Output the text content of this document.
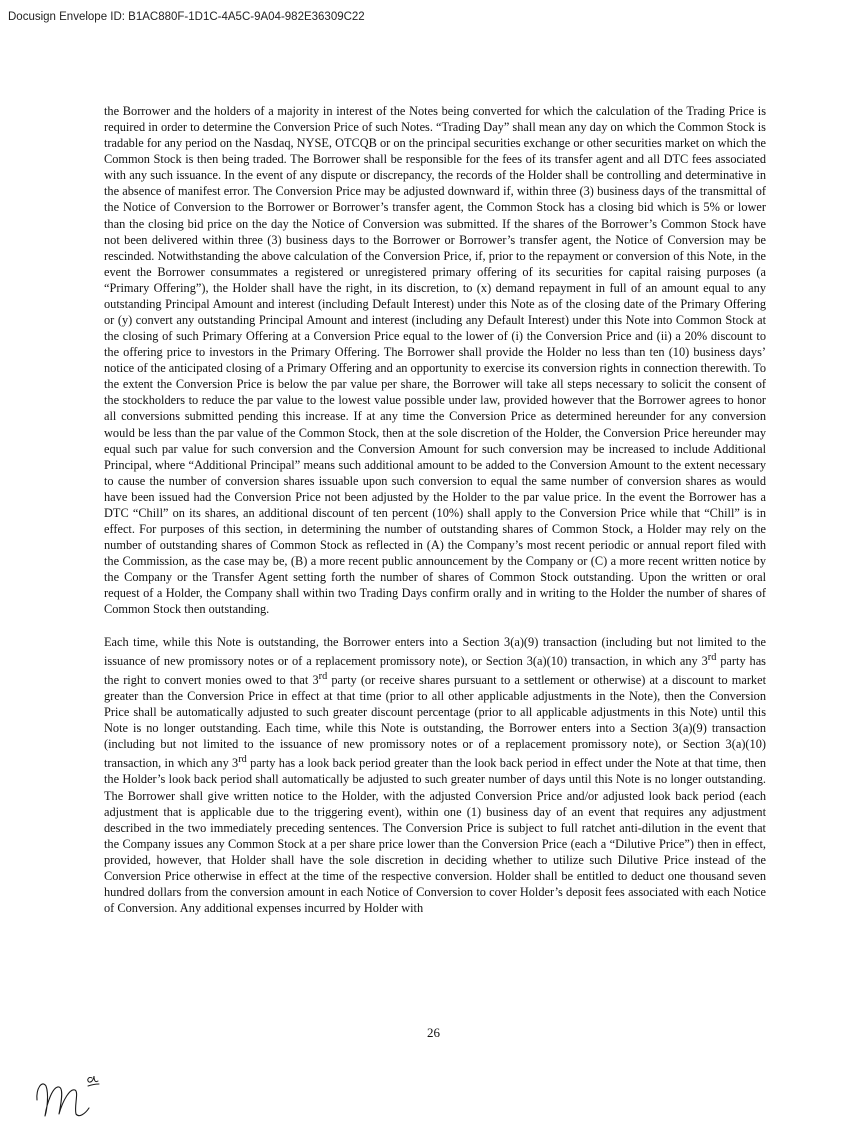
Docusign Envelope ID: B1AC880F-1D1C-4A5C-9A04-982E36309C22

the Borrower and the holders of a majority in interest of the Notes being converted for which the calculation of the Trading Price is required in order to determine the Conversion Price of such Notes. “Trading Day” shall mean any day on which the Common Stock is tradable for any period on the Nasdaq, NYSE, OTCQB or on the principal securities exchange or other securities market on which the Common Stock is then being traded. The Borrower shall be responsible for the fees of its transfer agent and all DTC fees associated with any such issuance. In the event of any dispute or discrepancy, the records of the Holder shall be controlling and determinative in the absence of manifest error. The Conversion Price may be adjusted downward if, within three (3) business days of the transmittal of the Notice of Conversion to the Borrower or Borrower’s transfer agent, the Common Stock has a closing bid which is 5% or lower than the closing bid price on the day the Notice of Conversion was submitted. If the shares of the Borrower’s Common Stock have not been delivered within three (3) business days to the Borrower or Borrower’s transfer agent, the Notice of Conversion may be rescinded. Notwithstanding the above calculation of the Conversion Price, if, prior to the repayment or conversion of this Note, in the event the Borrower consummates a registered or unregistered primary offering of its securities for capital raising purposes (a “Primary Offering”), the Holder shall have the right, in its discretion, to (x) demand repayment in full of an amount equal to any outstanding Principal Amount and interest (including Default Interest) under this Note as of the closing date of the Primary Offering or (y) convert any outstanding Principal Amount and interest (including any Default Interest) under this Note into Common Stock at the closing of such Primary Offering at a Conversion Price equal to the lower of (i) the Conversion Price and (ii) a 20% discount to the offering price to investors in the Primary Offering. The Borrower shall provide the Holder no less than ten (10) business days’ notice of the anticipated closing of a Primary Offering and an opportunity to exercise its conversion rights in connection therewith. To the extent the Conversion Price is below the par value per share, the Borrower will take all steps necessary to solicit the consent of the stockholders to reduce the par value to the lowest value possible under law, provided however that the Borrower agrees to honor all conversions submitted pending this increase. If at any time the Conversion Price as determined hereunder for any conversion would be less than the par value of the Common Stock, then at the sole discretion of the Holder, the Conversion Price hereunder may equal such par value for such conversion and the Conversion Amount for such conversion may be increased to include Additional Principal, where “Additional Principal” means such additional amount to be added to the Conversion Amount to the extent necessary to cause the number of conversion shares issuable upon such conversion to equal the same number of conversion shares as would have been issued had the Conversion Price not been adjusted by the Holder to the par value price. In the event the Borrower has a DTC “Chill” on its shares, an additional discount of ten percent (10%) shall apply to the Conversion Price while that “Chill” is in effect. For purposes of this section, in determining the number of outstanding shares of Common Stock, a Holder may rely on the number of outstanding shares of Common Stock as reflected in (A) the Company’s most recent periodic or annual report filed with the Commission, as the case may be, (B) a more recent public announcement by the Company or (C) a more recent written notice by the Company or the Transfer Agent setting forth the number of shares of Common Stock outstanding. Upon the written or oral request of a Holder, the Company shall within two Trading Days confirm orally and in writing to the Holder the number of shares of Common Stock then outstanding.

Each time, while this Note is outstanding, the Borrower enters into a Section 3(a)(9) transaction (including but not limited to the issuance of new promissory notes or of a replacement promissory note), or Section 3(a)(10) transaction, in which any 3rd party has the right to convert monies owed to that 3rd party (or receive shares pursuant to a settlement or otherwise) at a discount to market greater than the Conversion Price in effect at that time (prior to all other applicable adjustments in the Note), then the Conversion Price shall be automatically adjusted to such greater discount percentage (prior to all applicable adjustments in this Note) until this Note is no longer outstanding. Each time, while this Note is outstanding, the Borrower enters into a Section 3(a)(9) transaction (including but not limited to the issuance of new promissory notes or of a replacement promissory note), or Section 3(a)(10) transaction, in which any 3rd party has a look back period greater than the look back period in effect under the Note at that time, then the Holder’s look back period shall automatically be adjusted to such greater number of days until this Note is no longer outstanding. The Borrower shall give written notice to the Holder, with the adjusted Conversion Price and/or adjusted look back period (each adjustment that is applicable due to the triggering event), within one (1) business day of an event that requires any adjustment described in the two immediately preceding sentences. The Conversion Price is subject to full ratchet anti-dilution in the event that the Company issues any Common Stock at a per share price lower than the Conversion Price (each a “Dilutive Price”) then in effect, provided, however, that Holder shall have the sole discretion in deciding whether to utilize such Dilutive Price instead of the Conversion Price otherwise in effect at the time of the respective conversion. Holder shall be entitled to deduct one thousand seven hundred dollars from the conversion amount in each Notice of Conversion to cover Holder’s deposit fees associated with each Notice of Conversion. Any additional expenses incurred by Holder with

26
